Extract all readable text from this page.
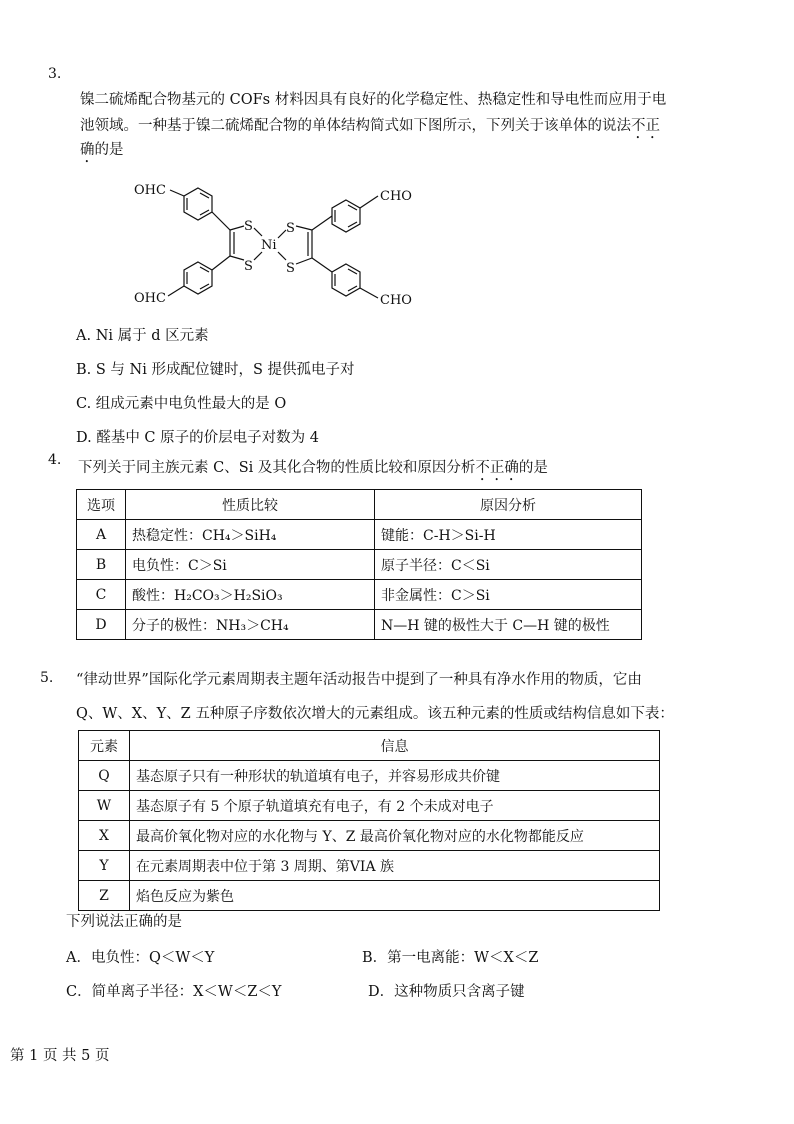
3.
镍二硫烯配合物基元的 COFs 材料因具有良好的化学稳定性、热稳定性和导电性而应用于电
池领域。一种基于镍二硫烯配合物的单体结构简式如下图所示，下列关于该单体的说法不正
确的是
OHC
OHC
S
S
Ni
S
S
CHO
CHO
A. Ni 属于 d 区元素
B. S 与 Ni 形成配位键时，S 提供孤电子对
C. 组成元素中电负性最大的是 O
D. 醛基中 C 原子的价层电子对数为 4
4. 下列关于同主族元素 C、Si 及其化合物的性质比较和原因分析不正确的是
选项	性质比较	原因分析
A	热稳定性：CH₄＞SiH₄	键能：C-H＞Si-H
B	电负性：C＞Si	原子半径：C＜Si
C	酸性：H₂CO₃＞H₂SiO₃	非金属性：C＞Si
D	分子的极性：NH₃＞CH₄	N—H 键的极性大于 C—H 键的极性
5. “律动世界”国际化学元素周期表主题年活动报告中提到了一种具有净水作用的物质，它由
Q、W、X、Y、Z 五种原子序数依次增大的元素组成。该五种元素的性质或结构信息如下表：
元素	信息
Q	基态原子只有一种形状的轨道填有电子，并容易形成共价键
W	基态原子有 5 个原子轨道填充有电子，有 2 个未成对电子
X	最高价氧化物对应的水化物与 Y、Z 最高价氧化物对应的水化物都能反应
Y	在元素周期表中位于第 3 周期、第VIA 族
Z	焰色反应为紫色
下列说法正确的是
A．电负性：Q＜W＜Y	B．第一电离能：W＜X＜Z
C．简单离子半径：X＜W＜Z＜Y	D．这种物质只含离子键
第 1 页 共 5 页
